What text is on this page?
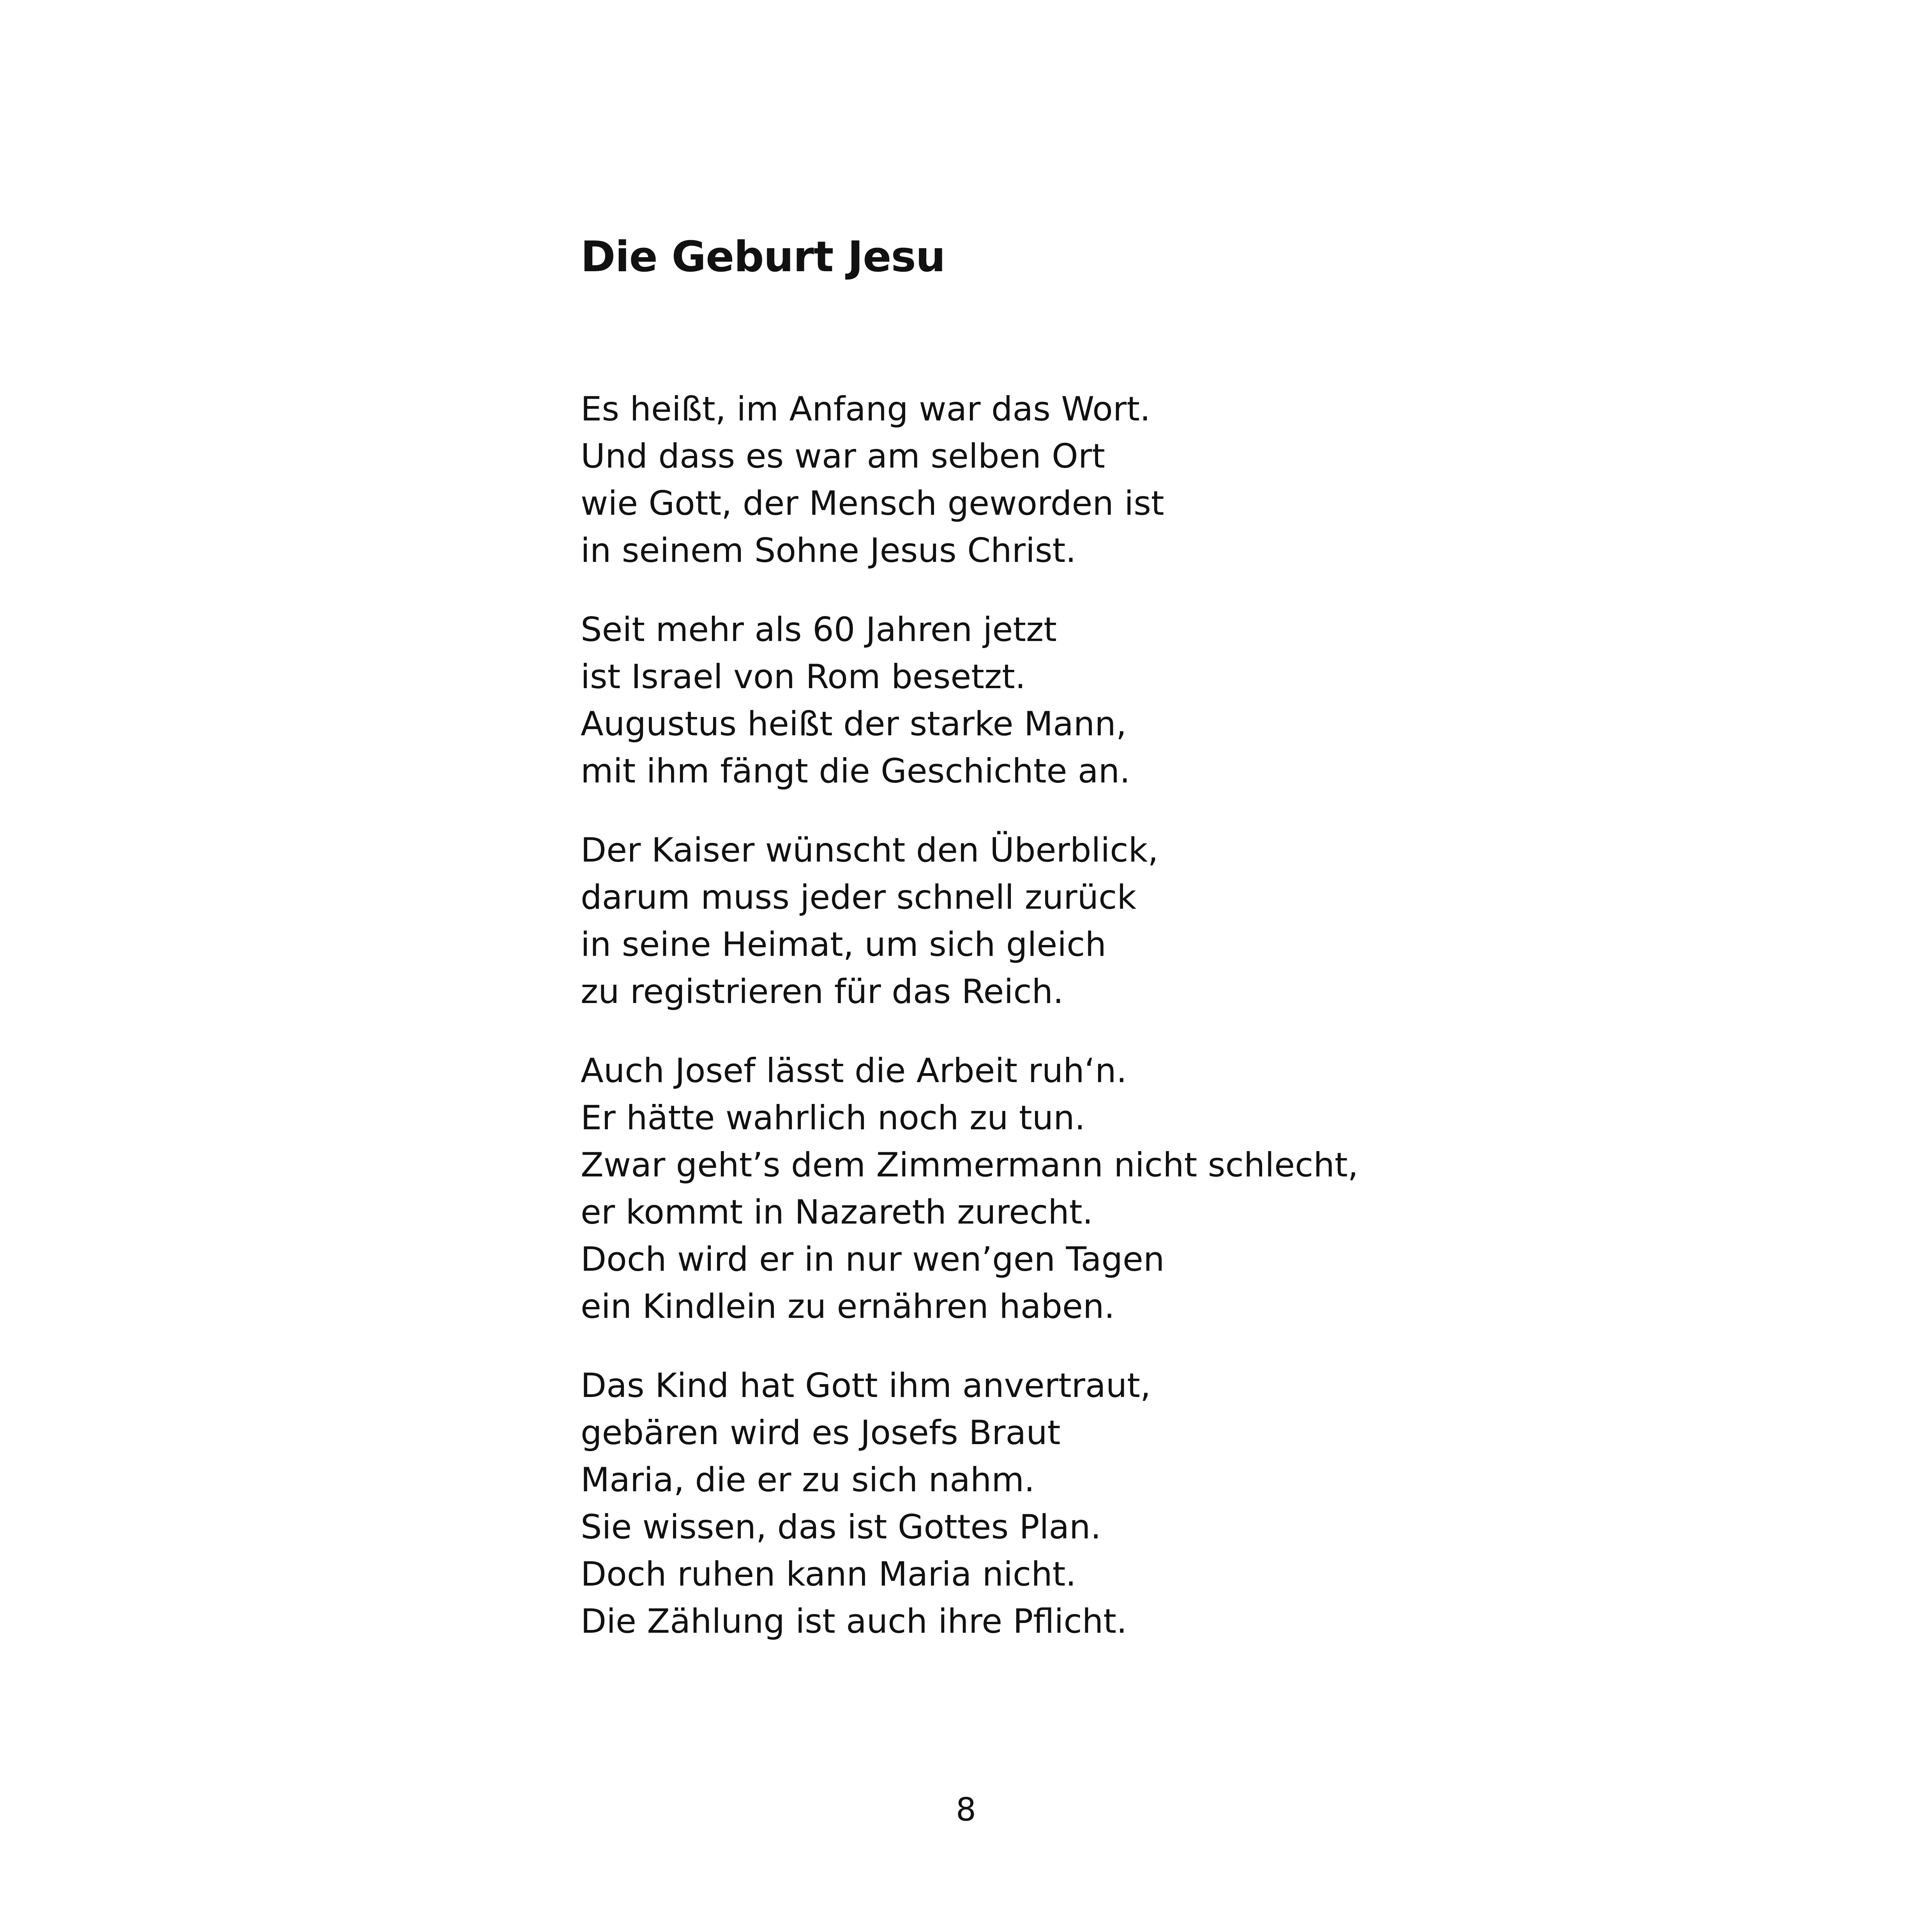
Die Geburt Jesu
Es heißt, im Anfang war das Wort.
Und dass es war am selben Ort
wie Gott, der Mensch geworden ist
in seinem Sohne Jesus Christ.
Seit mehr als 60 Jahren jetzt
ist Israel von Rom besetzt.
Augustus heißt der starke Mann,
mit ihm fängt die Geschichte an.
Der Kaiser wünscht den Überblick,
darum muss jeder schnell zurück
in seine Heimat, um sich gleich
zu registrieren für das Reich.
Auch Josef lässt die Arbeit ruh‘n.
Er hätte wahrlich noch zu tun.
Zwar geht’s dem Zimmermann nicht schlecht,
er kommt in Nazareth zurecht.
Doch wird er in nur wen’gen Tagen
ein Kindlein zu ernähren haben.
Das Kind hat Gott ihm anvertraut,
gebären wird es Josefs Braut
Maria, die er zu sich nahm.
Sie wissen, das ist Gottes Plan.
Doch ruhen kann Maria nicht.
Die Zählung ist auch ihre Pflicht.
8
